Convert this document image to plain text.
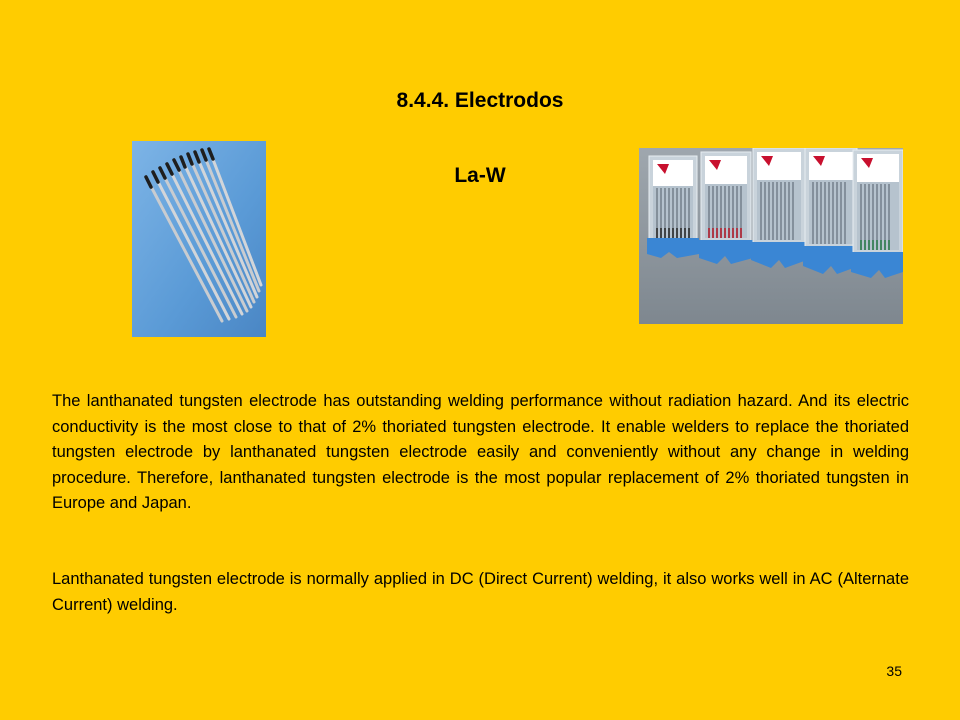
8.4.4. Electrodos
La-W

The lanthanated tungsten electrode has outstanding welding performance without radiation hazard. And its electric conductivity is the most close to that of 2% thoriated tungsten electrode. It enable welders to replace the thoriated tungsten electrode by lanthanated tungsten electrode easily and conveniently without any change in welding procedure. Therefore, lanthanated tungsten electrode is the most popular replacement of 2% thoriated tungsten in Europe and Japan.

Lanthanated tungsten electrode is normally applied in DC (Direct Current) welding, it also works well in AC (Alternate Current) welding.

35
